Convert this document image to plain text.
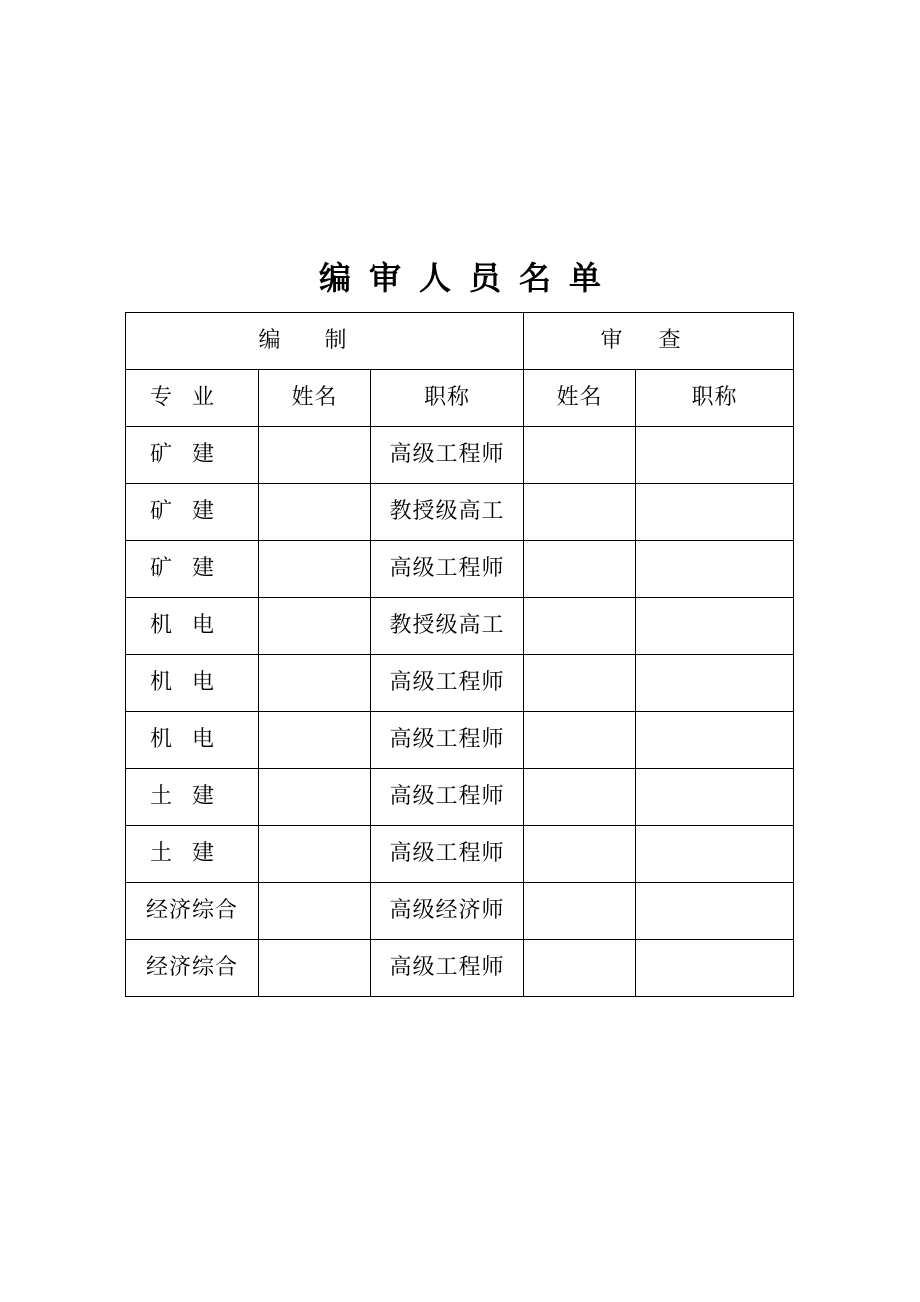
编审人员名单
编制			审查	
专业	姓名	职称	姓名	职称
矿建		高级工程师		
矿建		教授级高工		
矿建		高级工程师		
机电		教授级高工		
机电		高级工程师		
机电		高级工程师		
土建		高级工程师		
土建		高级工程师		
经济综合		高级经济师		
经济综合		高级工程师		
